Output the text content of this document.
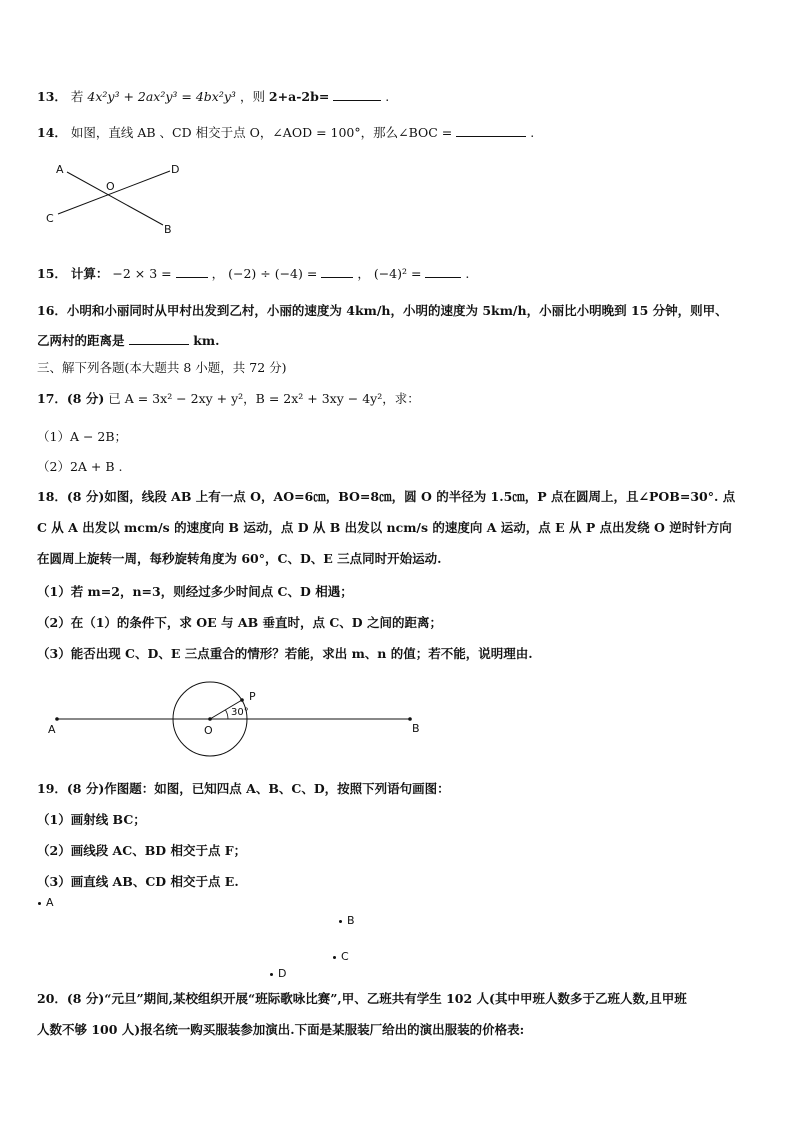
13． 若 4x²y³ + 2ax²y³ = 4bx²y³ ，则 2+a-2b=	.
14． 如图，直线 AB 、CD 相交于点 O，∠AOD = 100°，那么∠BOC =	.
A	D
O
C
B
15． 计算： −2 × 3 =	， (−2) ÷ (−4) =	， (−4)² =	.
16．小明和小丽同时从甲村出发到乙村，小丽的速度为 4km/h，小明的速度为 5km/h，小丽比小明晚到 15 分钟，则甲、
乙两村的距离是	km.
三、解下列各题(本大题共 8 小题，共 72 分)
17．(8 分) 已 A = 3x² − 2xy + y²，B = 2x² + 3xy − 4y²，求：
（1）A − 2B；
（2）2A + B .
18．(8 分)如图，线段 AB 上有一点 O，AO=6㎝，BO=8㎝，圆 O 的半径为 1.5㎝，P 点在圆周上，且∠POB=30°. 点
C 从 A 出发以 mcm/s 的速度向 B 运动，点 D 从 B 出发以 ncm/s 的速度向 A 运动，点 E 从 P 点出发绕 O 逆时针方向
在圆周上旋转一周，每秒旋转角度为 60°，C、D、E 三点同时开始运动.
（1）若 m=2，n=3，则经过多少时间点 C、D 相遇；
（2）在（1）的条件下，求 OE 与 AB 垂直时，点 C、D 之间的距离；
（3）能否出现 C、D、E 三点重合的情形？若能，求出 m、n 的值；若不能，说明理由.
A	B
O
P
30°
19．(8 分)作图题：如图，已知四点 A、B、C、D，按照下列语句画图：
（1）画射线 BC；
（2）画线段 AC、BD 相交于点 F；
（3）画直线 AB、CD 相交于点 E.
A
B
C
D
20．(8 分)“元旦”期间,某校组织开展“班际歌咏比赛”,甲、乙班共有学生 102 人(其中甲班人数多于乙班人数,且甲班
人数不够 100 人)报名统一购买服装参加演出.下面是某服装厂给出的演出服装的价格表:
